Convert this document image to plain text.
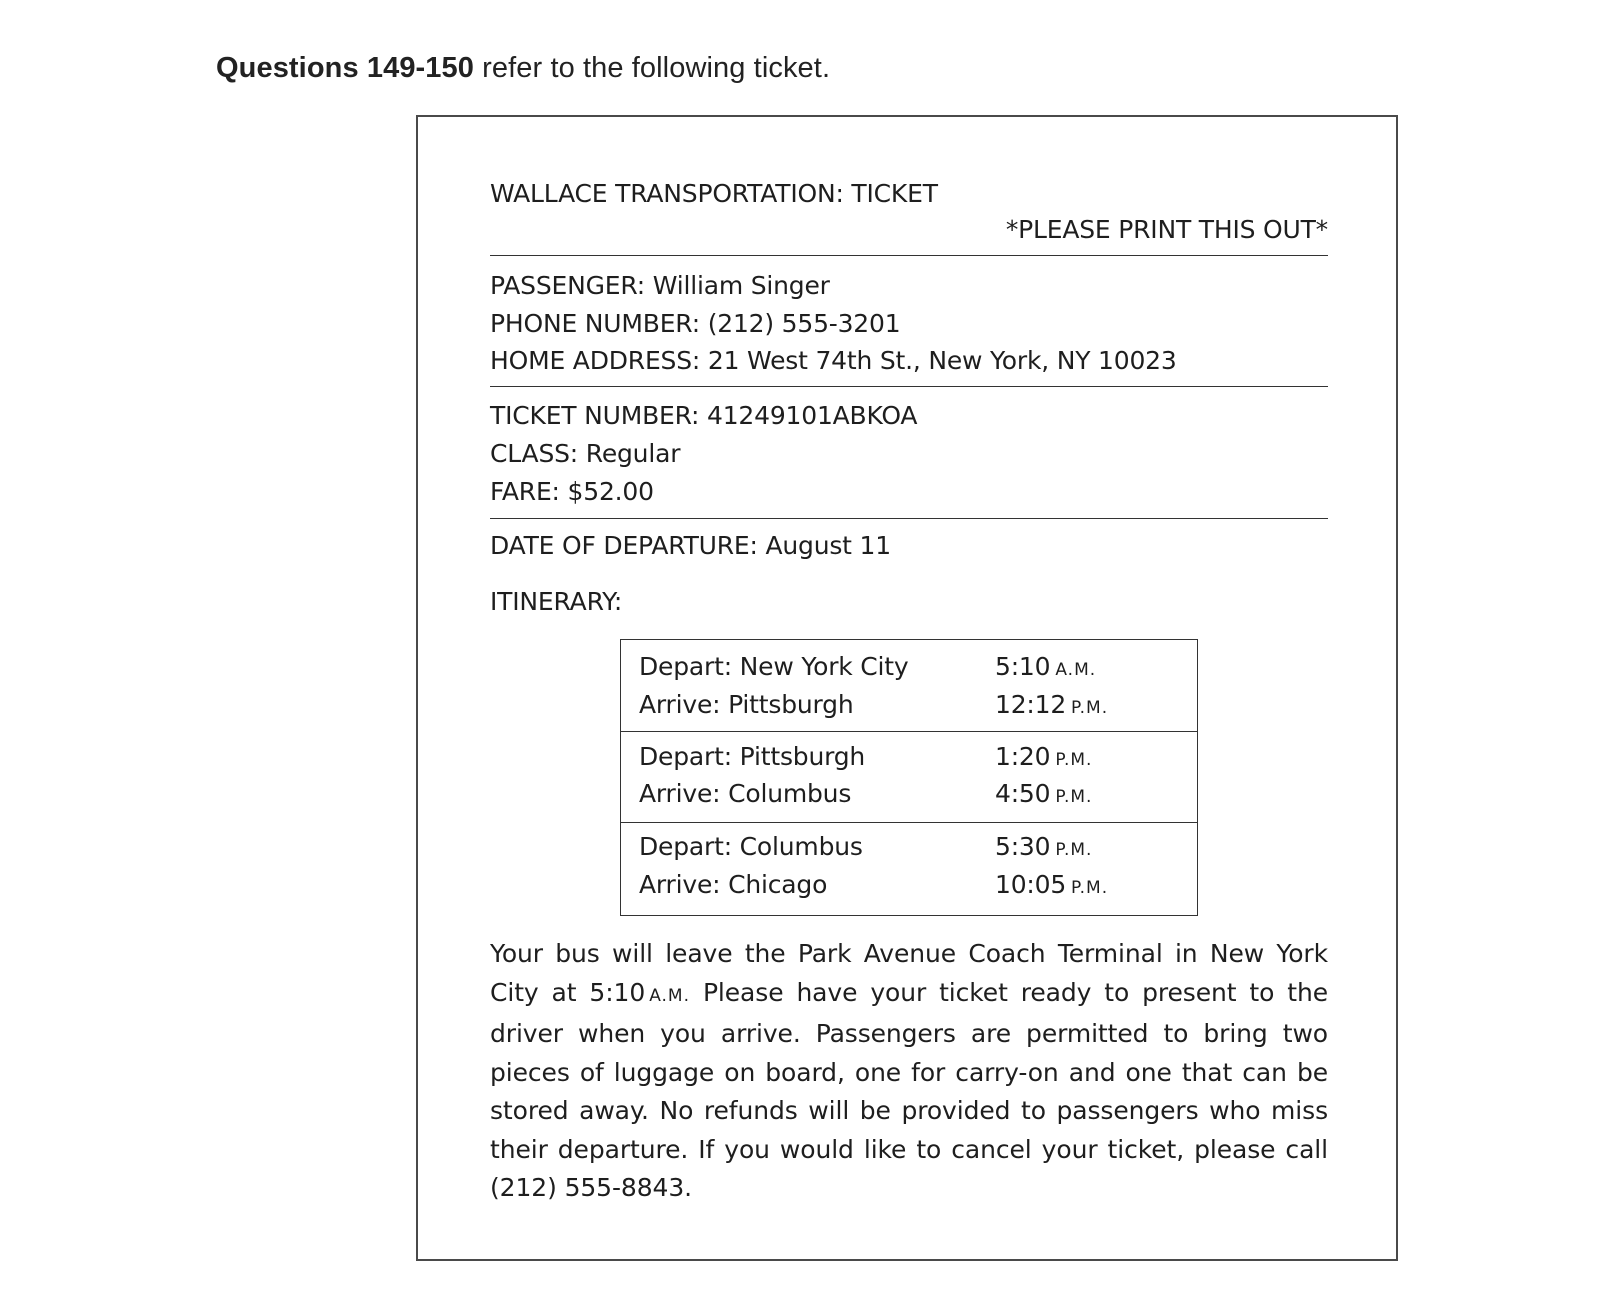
Questions 149-150 refer to the following ticket.
WALLACE TRANSPORTATION: TICKET
*PLEASE PRINT THIS OUT*
PASSENGER: William Singer
PHONE NUMBER: (212) 555-3201
HOME ADDRESS: 21 West 74th St., New York, NY 10023
TICKET NUMBER: 41249101ABKOA
CLASS: Regular
FARE: $52.00
DATE OF DEPARTURE: August 11
ITINERARY:
Depart: New York City	5:10 A.M.
Arrive: Pittsburgh	12:12 P.M.
Depart: Pittsburgh	1:20 P.M.
Arrive: Columbus	4:50 P.M.
Depart: Columbus	5:30 P.M.
Arrive: Chicago	10:05 P.M.

Your bus will leave the Park Avenue Coach Terminal in New York City at 5:10 A.M. Please have your ticket ready to present to the driver when you arrive. Passengers are permitted to bring two pieces of luggage on board, one for carry-on and one that can be stored away. No refunds will be provided to passengers who miss their departure. If you would like to cancel your ticket, please call (212) 555-8843.
